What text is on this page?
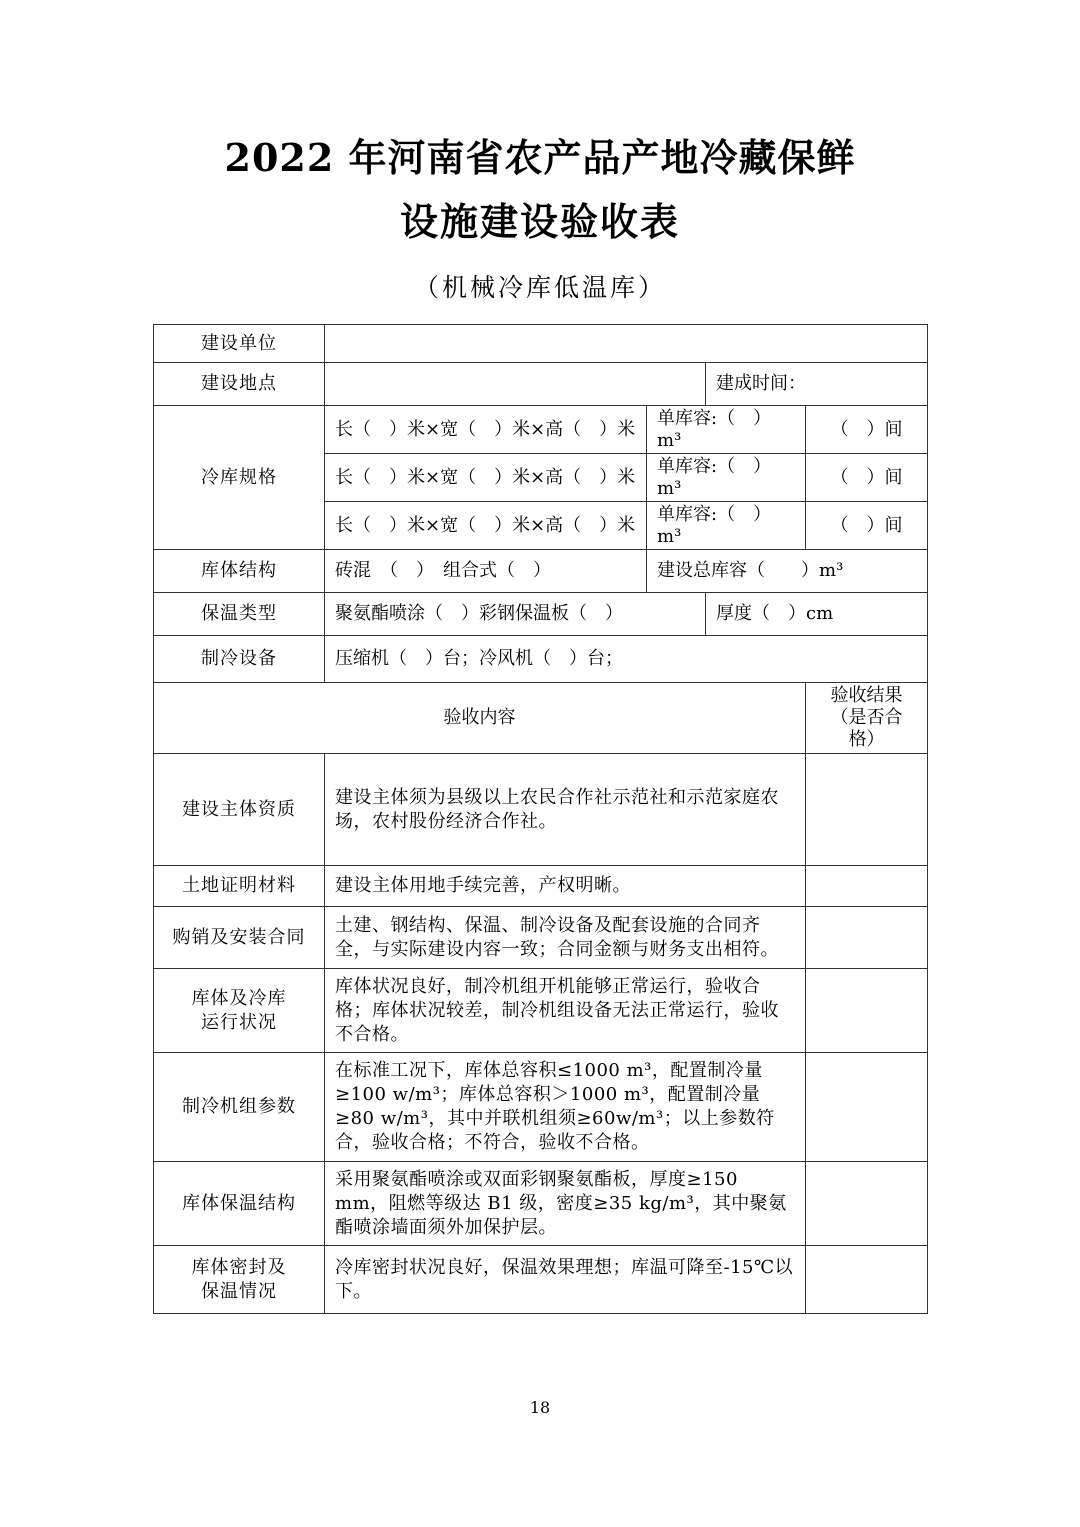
2022 年河南省农产品产地冷藏保鲜
设施建设验收表
（机械冷库低温库）
建设单位				
建设地点			建成时间：	
冷库规格	长（　）米×宽（　）米×高（　）米	单库容:（　）m³		（　）间
	长（　）米×宽（　）米×高（　）米	单库容:（　）m³		（　）间
	长（　）米×宽（　）米×高（　）米	单库容:（　）m³		（　）间
库体结构	砖混　（　）　组合式（　）	建设总库容（　　）m³		
保温类型	聚氨酯喷涂（　）彩钢保温板（　）		厚度（　）cm	
制冷设备	压缩机（　）台；冷风机（　）台；			
验收内容				验收结果（是否合格）
建设主体资质	建设主体须为县级以上农民合作社示范社和示范家庭农场，农村股份经济合作社。			
土地证明材料	建设主体用地手续完善，产权明晰。			
购销及安装合同	土建、钢结构、保温、制冷设备及配套设施的合同齐全，与实际建设内容一致；合同金额与财务支出相符。			
库体及冷库运行状况	库体状况良好，制冷机组开机能够正常运行，验收合格；库体状况较差，制冷机组设备无法正常运行，验收不合格。			
制冷机组参数	在标准工况下，库体总容积≤1000 m³，配置制冷量≥100 w/m³；库体总容积＞1000 m³，配置制冷量≥80 w/m³，其中并联机组须≥60w/m³；以上参数符合，验收合格；不符合，验收不合格。			
库体保温结构	采用聚氨酯喷涂或双面彩钢聚氨酯板，厚度≥150 mm，阻燃等级达 B1 级，密度≥35 kg/m³，其中聚氨酯喷涂墙面须外加保护层。			
库体密封及保温情况	冷库密封状况良好，保温效果理想；库温可降至-15℃以下。			
18
